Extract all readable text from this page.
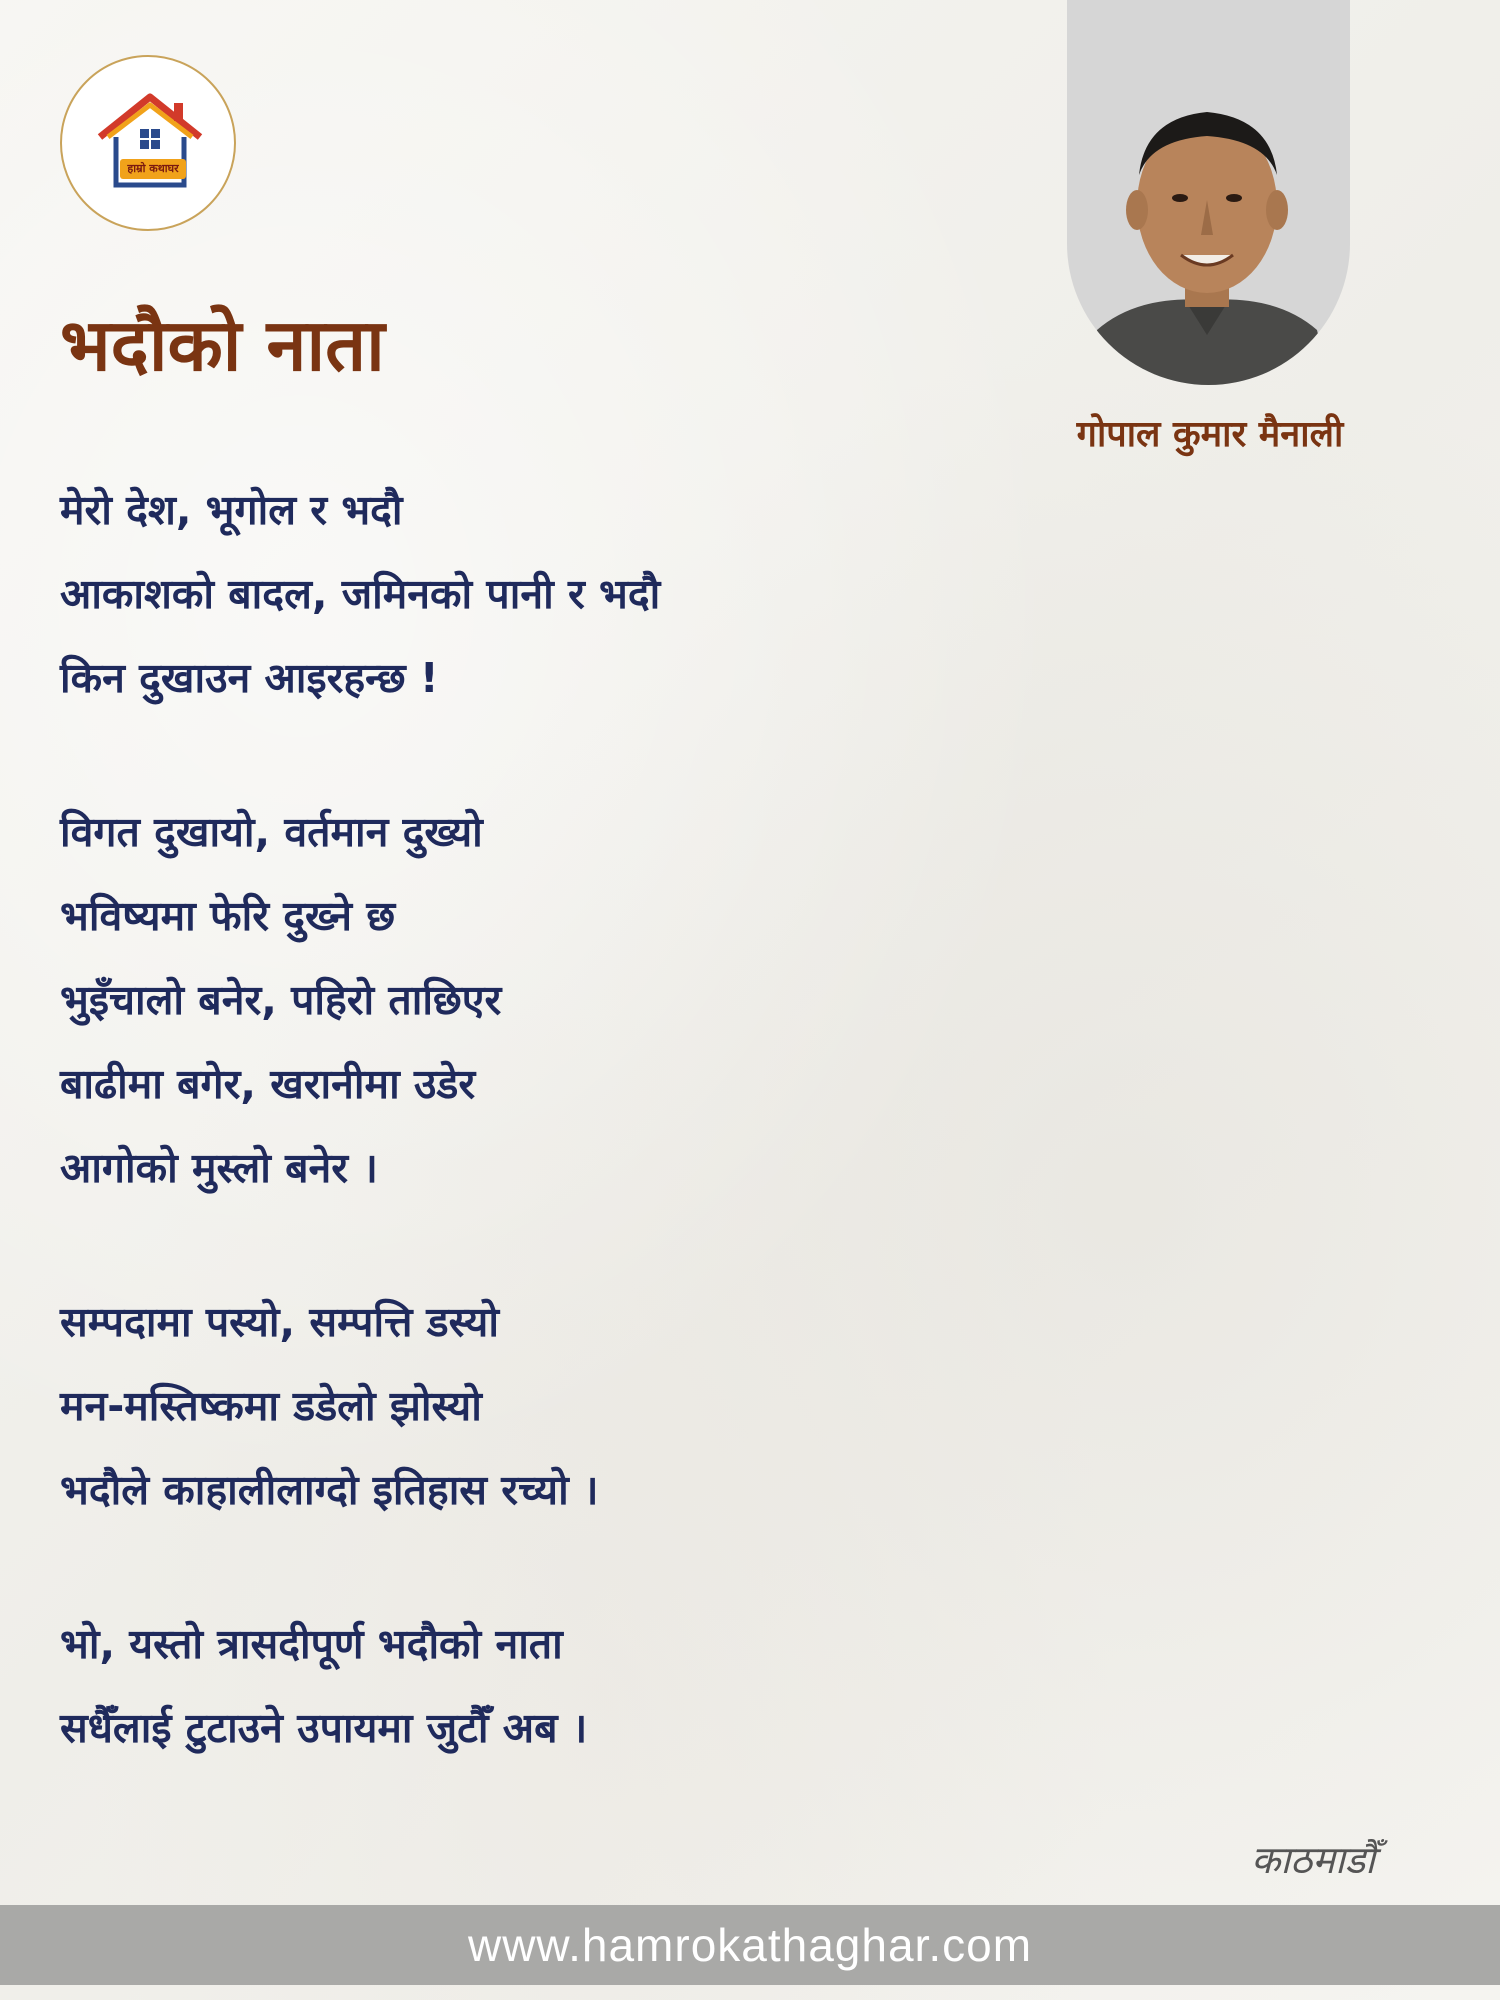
हाम्रो कथाघर
भदौको नाता
गोपाल कुमार मैनाली
मेरो देश, भूगोल र भदौ
आकाशको बादल, जमिनको पानी र भदौ
किन दुखाउन आइरहन्छ !
विगत दुखायो, वर्तमान दुख्यो
भविष्यमा फेरि दुख्ने छ
भुइँचालो बनेर, पहिरो ताछिएर
बाढीमा बगेर, खरानीमा उडेर
आगोको मुस्लो बनेर ।
सम्पदामा पस्यो, सम्पत्ति डस्यो
मन-मस्तिष्कमा डडेलो झोस्यो
भदौले काहालीलाग्दो इतिहास रच्यो ।
भो, यस्तो त्रासदीपूर्ण भदौको नाता
सधैँलाई टुटाउने उपायमा जुटौँ अब ।
काठमाडौँ
www.hamrokathaghar.com
